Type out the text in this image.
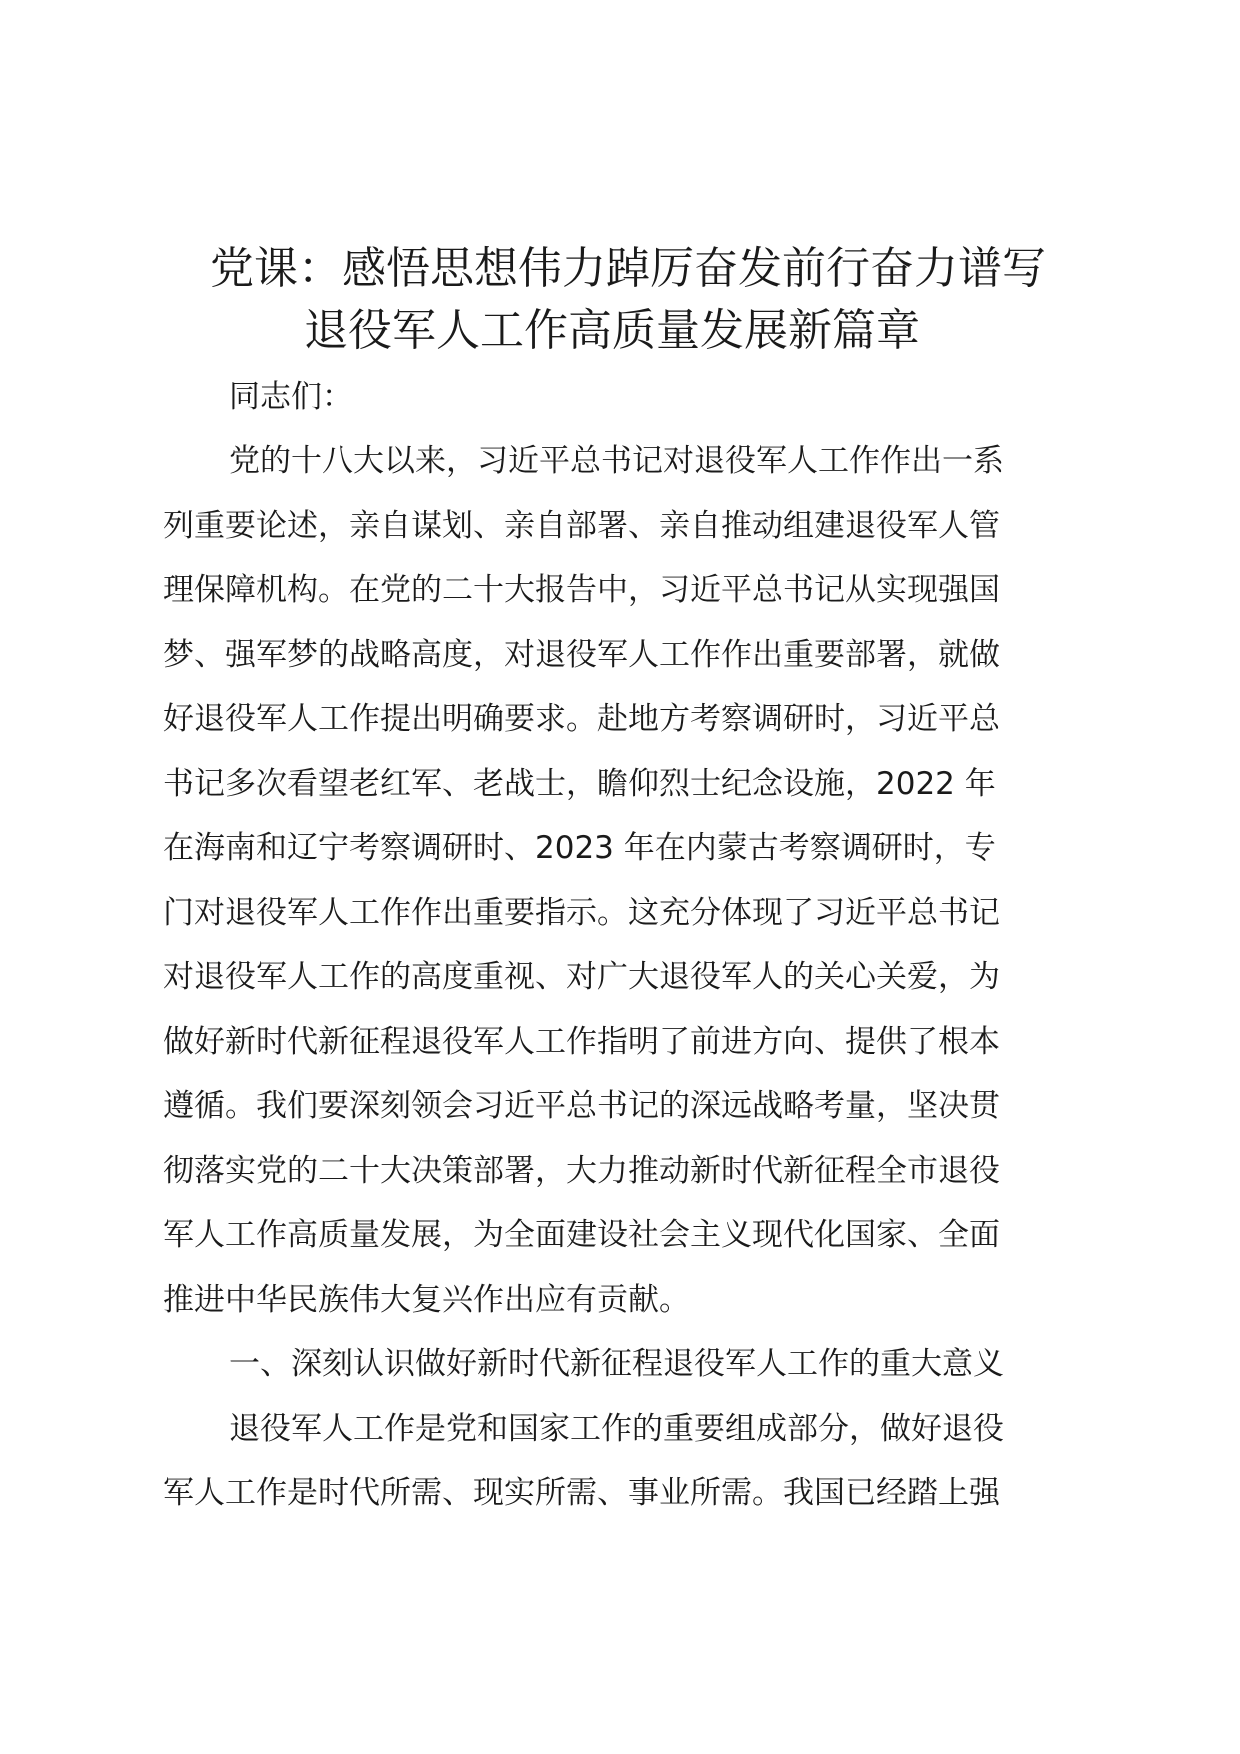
党课：感悟思想伟力踔厉奋发前行奋力谱写
退役军人工作高质量发展新篇章

同志们：

党的十八大以来，习近平总书记对退役军人工作作出一系
列重要论述，亲自谋划、亲自部署、亲自推动组建退役军人管
理保障机构。在党的二十大报告中，习近平总书记从实现强国
梦、强军梦的战略高度，对退役军人工作作出重要部署，就做
好退役军人工作提出明确要求。赴地方考察调研时，习近平总
书记多次看望老红军、老战士，瞻仰烈士纪念设施，2022 年
在海南和辽宁考察调研时、2023 年在内蒙古考察调研时，专
门对退役军人工作作出重要指示。这充分体现了习近平总书记
对退役军人工作的高度重视、对广大退役军人的关心关爱，为
做好新时代新征程退役军人工作指明了前进方向、提供了根本
遵循。我们要深刻领会习近平总书记的深远战略考量，坚决贯
彻落实党的二十大决策部署，大力推动新时代新征程全市退役
军人工作高质量发展，为全面建设社会主义现代化国家、全面
推进中华民族伟大复兴作出应有贡献。
一、深刻认识做好新时代新征程退役军人工作的重大意义
退役军人工作是党和国家工作的重要组成部分，做好退役
军人工作是时代所需、现实所需、事业所需。我国已经踏上强
